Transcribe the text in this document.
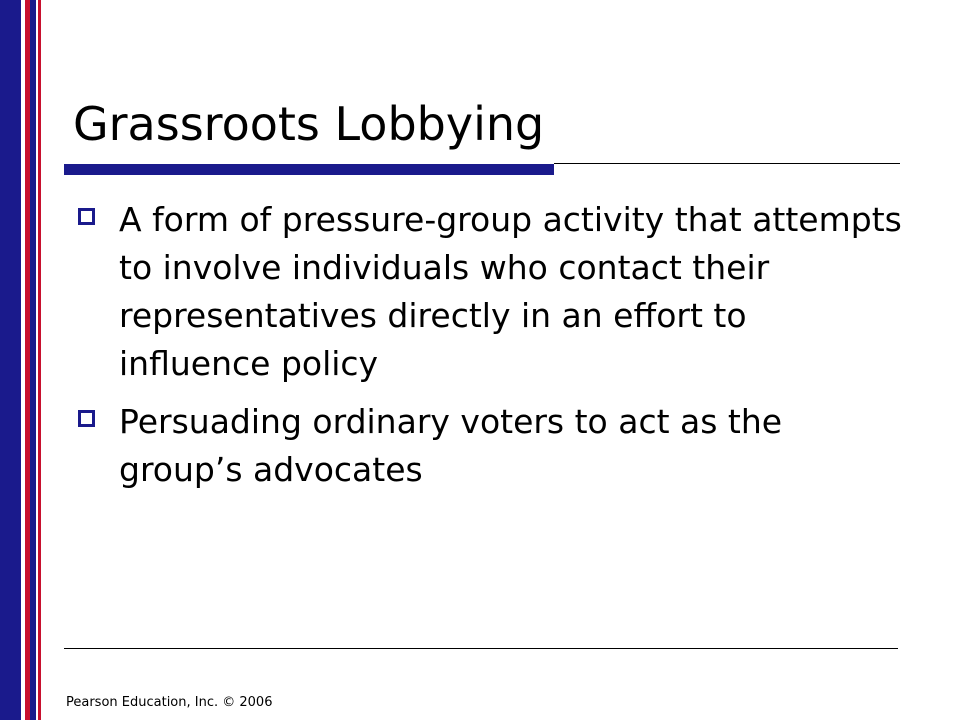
Grassroots Lobbying
A form of pressure-group activity that attempts to involve individuals who contact their representatives directly in an effort to influence policy
Persuading ordinary voters to act as the group’s advocates
Pearson Education, Inc. © 2006
